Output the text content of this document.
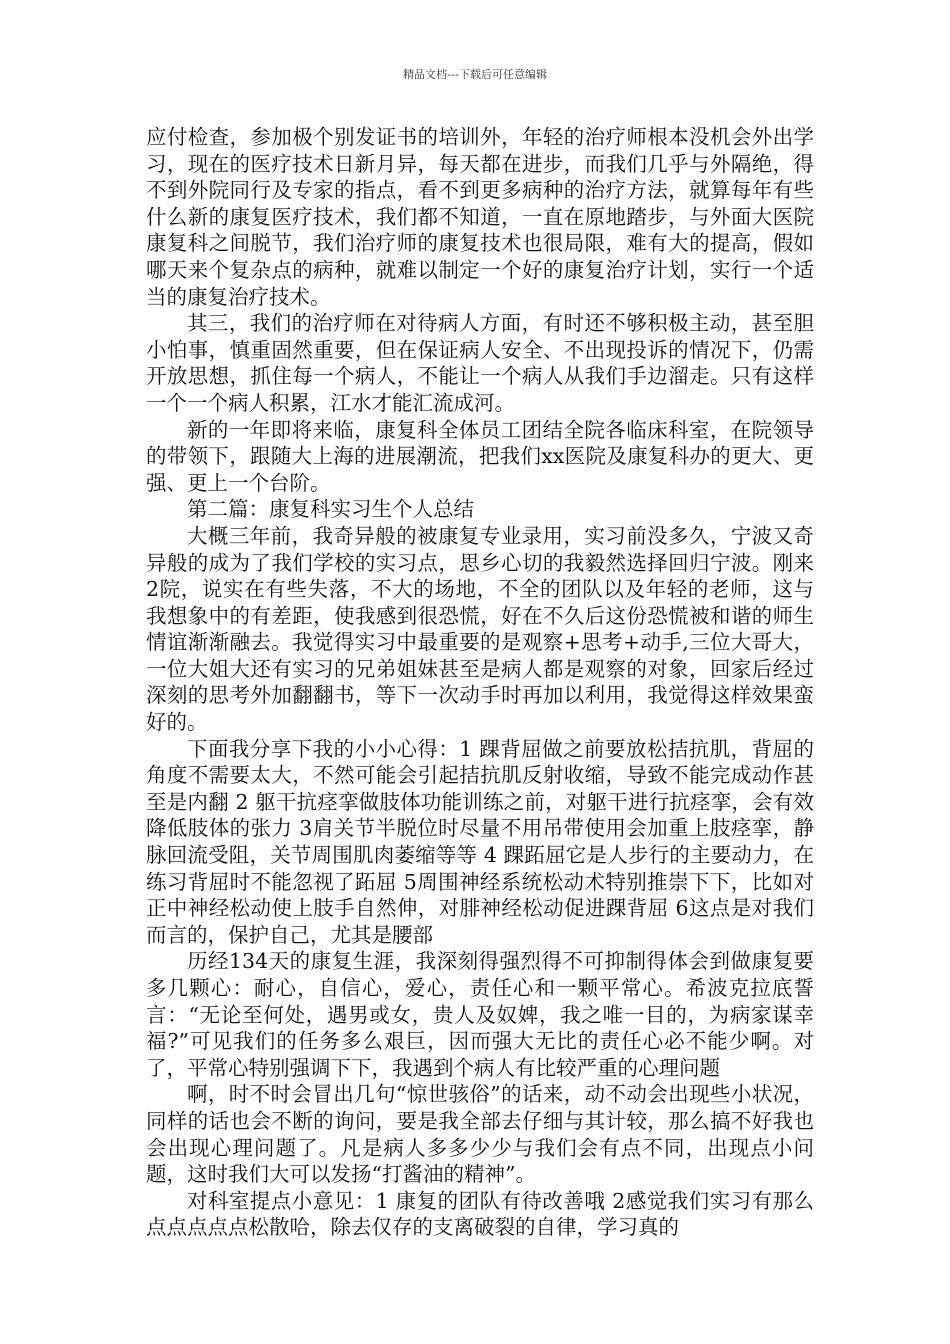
精品文档---下载后可任意编辑

应付检查，参加极个别发证书的培训外，年轻的治疗师根本没机会外出学习，现在的医疗技术日新月异，每天都在进步，而我们几乎与外隔绝，得不到外院同行及专家的指点，看不到更多病种的治疗方法，就算每年有些什么新的康复医疗技术，我们都不知道，一直在原地踏步，与外面大医院康复科之间脱节，我们治疗师的康复技术也很局限，难有大的提高，假如哪天来个复杂点的病种，就难以制定一个好的康复治疗计划，实行一个适当的康复治疗技术。

其三，我们的治疗师在对待病人方面，有时还不够积极主动，甚至胆小怕事，慎重固然重要，但在保证病人安全、不出现投诉的情况下，仍需开放思想，抓住每一个病人，不能让一个病人从我们手边溜走。只有这样一个一个病人积累，江水才能汇流成河。

新的一年即将来临，康复科全体员工团结全院各临床科室，在院领导的带领下，跟随大上海的进展潮流，把我们xx医院及康复科办的更大、更强、更上一个台阶。

第二篇：康复科实习生个人总结

大概三年前，我奇异般的被康复专业录用，实习前没多久，宁波又奇异般的成为了我们学校的实习点，思乡心切的我毅然选择回归宁波。刚来2院，说实在有些失落，不大的场地，不全的团队以及年轻的老师，这与我想象中的有差距，使我感到很恐慌，好在不久后这份恐慌被和谐的师生情谊渐渐融去。我觉得实习中最重要的是观察+思考+动手,三位大哥大，一位大姐大还有实习的兄弟姐妹甚至是病人都是观察的对象，回家后经过深刻的思考外加翻翻书，等下一次动手时再加以利用，我觉得这样效果蛮好的。

下面我分享下我的小小心得：1 踝背屈做之前要放松拮抗肌，背屈的角度不需要太大，不然可能会引起拮抗肌反射收缩，导致不能完成动作甚至是内翻 2 躯干抗痉挛做肢体功能训练之前，对躯干进行抗痉挛，会有效降低肢体的张力 3肩关节半脱位时尽量不用吊带使用会加重上肢痉挛，静脉回流受阻，关节周围肌肉萎缩等等 4 踝跖屈它是人步行的主要动力，在练习背屈时不能忽视了跖屈 5周围神经系统松动术特别推崇下下，比如对正中神经松动使上肢手自然伸，对腓神经松动促进踝背屈 6这点是对我们而言的，保护自己，尤其是腰部

历经134天的康复生涯，我深刻得强烈得不可抑制得体会到做康复要多几颗心：耐心，自信心，爱心，责任心和一颗平常心。希波克拉底誓言：“无论至何处，遇男或女，贵人及奴婢，我之唯一目的，为病家谋幸福?”可见我们的任务多么艰巨，因而强大无比的责任心必不能少啊。对了，平常心特别强调下下，我遇到个病人有比较严重的心理问题

啊，时不时会冒出几句“惊世骇俗”的话来，动不动会出现些小状况，同样的话也会不断的询问，要是我全部去仔细与其计较，那么搞不好我也会出现心理问题了。凡是病人多多少少与我们会有点不同，出现点小问题，这时我们大可以发扬“打酱油的精神”。

对科室提点小意见：1 康复的团队有待改善哦 2感觉我们实习有那么点点点点点松散哈，除去仅存的支离破裂的自律，学习真的
